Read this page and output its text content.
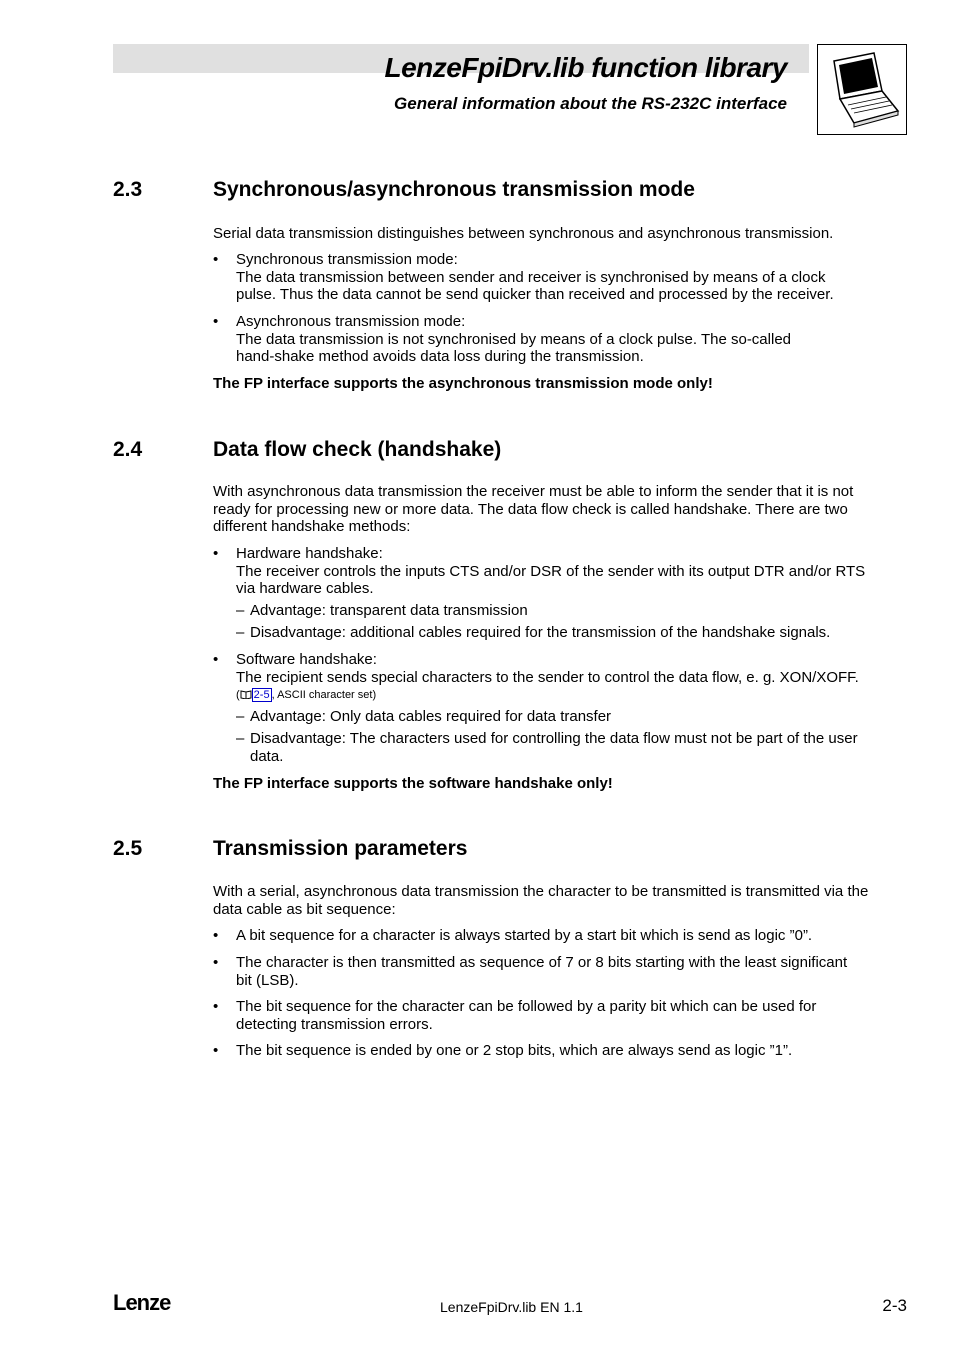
LenzeFpiDrv.lib function library
General information about the RS-232C interface
2.3	Synchronous/asynchronous transmission mode
Serial data transmission distinguishes between synchronous and asynchronous transmission.
• Synchronous transmission mode:
The data transmission between sender and receiver is synchronised by means of a clock
pulse. Thus the data cannot be send quicker than received and processed by the receiver.
• Asynchronous transmission mode:
The data transmission is not synchronised by means of a clock pulse. The so-called
hand-shake method avoids data loss during the transmission.
The FP interface supports the asynchronous transmission mode only!
2.4	Data flow check (handshake)
With asynchronous data transmission the receiver must be able to inform the sender that it is not
ready for processing new or more data. The data flow check is called handshake. There are two
different handshake methods:
• Hardware handshake:
The receiver controls the inputs CTS and/or DSR of the sender with its output DTR and/or RTS
via hardware cables.
– Advantage: transparent data transmission
– Disadvantage: additional cables required for the transmission of the handshake signals.
• Software handshake:
The recipient sends special characters to the sender to control the data flow, e. g. XON/XOFF.
( 2-5 , ASCII character set)
– Advantage: Only data cables required for data transfer
– Disadvantage: The characters used for controlling the data flow must not be part of the user
data.
The FP interface supports the software handshake only!
2.5	Transmission parameters
With a serial, asynchronous data transmission the character to be transmitted is transmitted via the
data cable as bit sequence:
• A bit sequence for a character is always started by a start bit which is send as logic ”0”.
• The character is then transmitted as sequence of 7 or 8 bits starting with the least significant
bit (LSB).
• The bit sequence for the character can be followed by a parity bit which can be used for
detecting transmission errors.
• The bit sequence is ended by one or 2 stop bits, which are always send as logic ”1”.
Lenze	LenzeFpiDrv.lib EN 1.1	2-3
